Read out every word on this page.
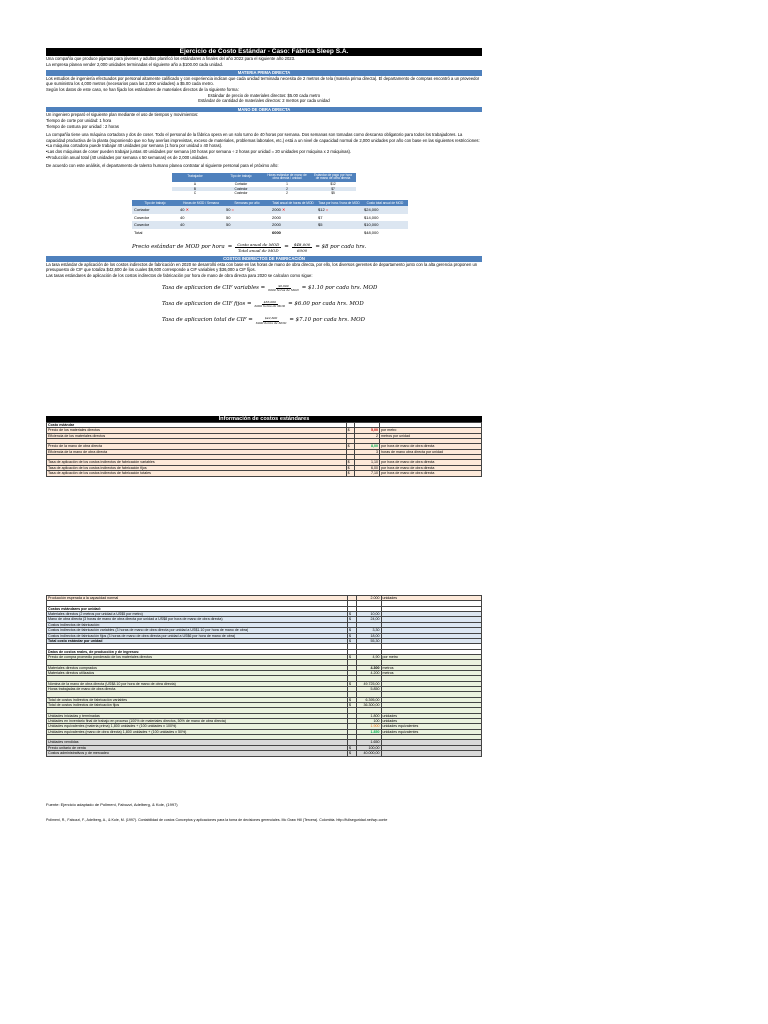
Ejercicio de Costo Estándar - Caso: Fábrica Sleep S.A.

Una compañía que produce pijamas para jóvenes y adultos planificó los estándares a finales del año 2022 para el siguiente año 2023.

La empresa planea vender 2,000 unidades terminadas el siguiente año a $100.00 cada unidad.

MATERIA PRIMA DIRECTA

Los estudios de ingeniería efectuados por personal altamente calificado y con experiencia indican que cada unidad terminada necesita de 2 metros de tela (materia prima directa). El departamento de compras encontró a un proveedor que suministra los 4,000 metros (necesarios para las 2,000 unidades) a $5.00 cada metro.

Según los datos de este caso, se han fijado los estándares de materiales directos de la siguiente forma:

Estándar de precio de materiales directos: $5.00 cada metro

Estándar de cantidad de materiales directos: 2 metros por cada unidad

MANO DE OBRA DIRECTA

Un ingeniero preparó el siguiente plan mediante el uso de tiempos y movimientos:

Tiempo de corte por unidad: 1 hora

Tiempo de costura por unidad : 2 horas

La compañía tiene una máquina cortadora y dos de coser. Todo el personal de la fábrica opera en un solo turno de 40 horas por semana. Dos semanas son tomadas como descanso obligatorio para todos los trabajadores. La capacidad productiva de la planta (suponiendo que no hay averías imprevistas, exceso de materiales, problemas laborales, etc.) está a un nivel de capacidad normal de 2,000 unidades por año con base en las siguientes restricciones:

•La máquina cortadora puede trabajar 40 unidades por semana (1 hora por unidad x 40 horas).

•Las dos máquinas de coser pueden trabajar juntas 40 unidades por semana (40 horas por semana ÷ 2 horas por unidad = 20 unidades por máquina x 2 máquinas).

•Producción anual total (40 unidades por semana x 50 semanas) es de 2,000 unidades.

De acuerdo con este análisis, el departamento de talento humano planea contratar al siguiente personal para el próximo año:

Trabajador	Tipo de trabajo	Horas estándar de mano de obra directa / unidad	Estándar de pago por hora de mano de obra directa
A	Cortador	1	$12
B	Costedor	2	$7
C	Costedor	2	$5
Tipo de trabajo	Horas de MOD / Semana	Semanas por año	Total anual de horas de MOD	Tasa por hora / hora de MOD	Costo total anual de MOD
Cortador	40 ✕	50 =	2000 ✕	$12 =	$24,000
Cosedor	40	50	2000	$7	$14,000
Cosedor	40	50	2000	$5	$10,000
Total			6000		$48,000
Precio estándar de MOD por hora = $\frac{\text{Costo anual de MOD}}{\text{Total anual de MOD}} = \frac{\$48,000}{6000}$ = $8 por cada hrs.
COSTOS INDIRECTOS DE FABRICACIÓN

La tasa estándar de aplicación de los costos indirectos de fabricación en 2020 se desarrolló esta con base en las horas de mano de obra directa, por ello, los diversos gerentes de departamento junto con la alta gerencia proponen un presupuesto de CIF que totaliza $42,600 de los cuales $6,600 corresponde a CIF variables y $36,000 a CIF fijos.

Las tasas estándares de aplicación de los costos indirectos de fabricación por hora de mano de obra directa para 2020 se calculan como sigue:

Tasa de aplicacion de CIF variables = $\frac{\$6,600}{\text{6000 horas de MOD}}$ = $1.10 por cada hrs. MOD
Tasa de aplicacion de CIF fijos = $\frac{\$36,000}{\text{6000 horas de MOD}}$ = $6.00 por cada hrs. MOD
Tasa de aplicacion total de CIF = $\frac{\$42,600}{\text{6000 horas de MOD}}$ = $7.10 por cada hrs. MOD
Información de costos estándares
Costo estándar			
Precio de los materiales directos	$	5,00	por metro
Eficiencia de los materiales directos		2	metros por unidad

Precio de la mano de obra directa	$	8,00	por hora de mano de obra directa
Eficiencia de la mano de obra directa		3	horas de mano obra directa por unidad

Tasa de aplicación de los costos indirectos de fabricación variables	$	1,10	por hora de mano de obra directa
Tasa de aplicación de los costos indirectos de fabricación fijos	$	6,00	por hora de mano de obra directa
Tasa de aplicación de los costos indirectos de fabricación totales	$	7,10	por hora de mano de obra directa
Producción esperada a la capacidad normal		2.000	unidades

Costos estándares por unidad:			
Materiales directos (2 metros por unidad a US$5 por metro)	$	10,00	
Mano de obra directa (3 horas de mano de obra directa por unidad a US$8 por hora de mano de obra directa)	$	24,00	
Costos indirectos de fabricación:			
Costos indirectos de fabricación variables (3 horas de mano de obra directa por unidad a US$1.10 por hora de mano de obra)	$	3,30	
Costos indirectos de fabricación fijos (3 horas de mano de obra directa por unidad a US$6 por hora de mano de obra)	$	18,00	
Total costo estándar por unidad	$	55,30	

Datos de costos reales, de producción y de ingresos:			
Precio de compra promedio ponderado de los materiales directos	$	4,90	por metro

Materiales directos comprados		4.300	metros
Materiales directos utilizados		4.200	metros

Nómina de la mano de obra directa (US$8.10 por hora de mano de obra directa)	$	49.725,00	
Horas trabajadas de mano de obra directa		5.850	

Total de costos indirectos de fabricación variables	$	6.395,00	
Total de costos indirectos de fabricación fijos	$	36.300,00	

Unidades iniciadas y terminadas		1.800	unidades
Unidades en inventario final de trabajo en proceso (100% de materiales directos, 50% de mano de obra directa)		100	unidades
Unidades equivalentes (materia prima) 1,800 unidades + (100 unidades x 100%)		1.900	unidades equivalentes
Unidades equivalentes (mano de obra directa) 1,800 unidades + (100 unidades x 50%)		1.850	unidades equivalentes

Unidades vendidas		1.650	
Precio unitario de venta	$	100,00	
Costos administrativos y de mercadeo	$	40.000,00	
Fuente: Ejercicio adaptado de Polimeni, Fabozzi, Adelberg, & Kole, (1997)
Polimeni, R., Fabozzi, F., Adelberg, A., & Kole, M. (1997). Contabilidad de costos Conceptos y aplicaciones para la toma de decisiones gerenciales. Mc Graw Hill (Tercera). Colombia. http://fullseguridad.net/wp-conte
